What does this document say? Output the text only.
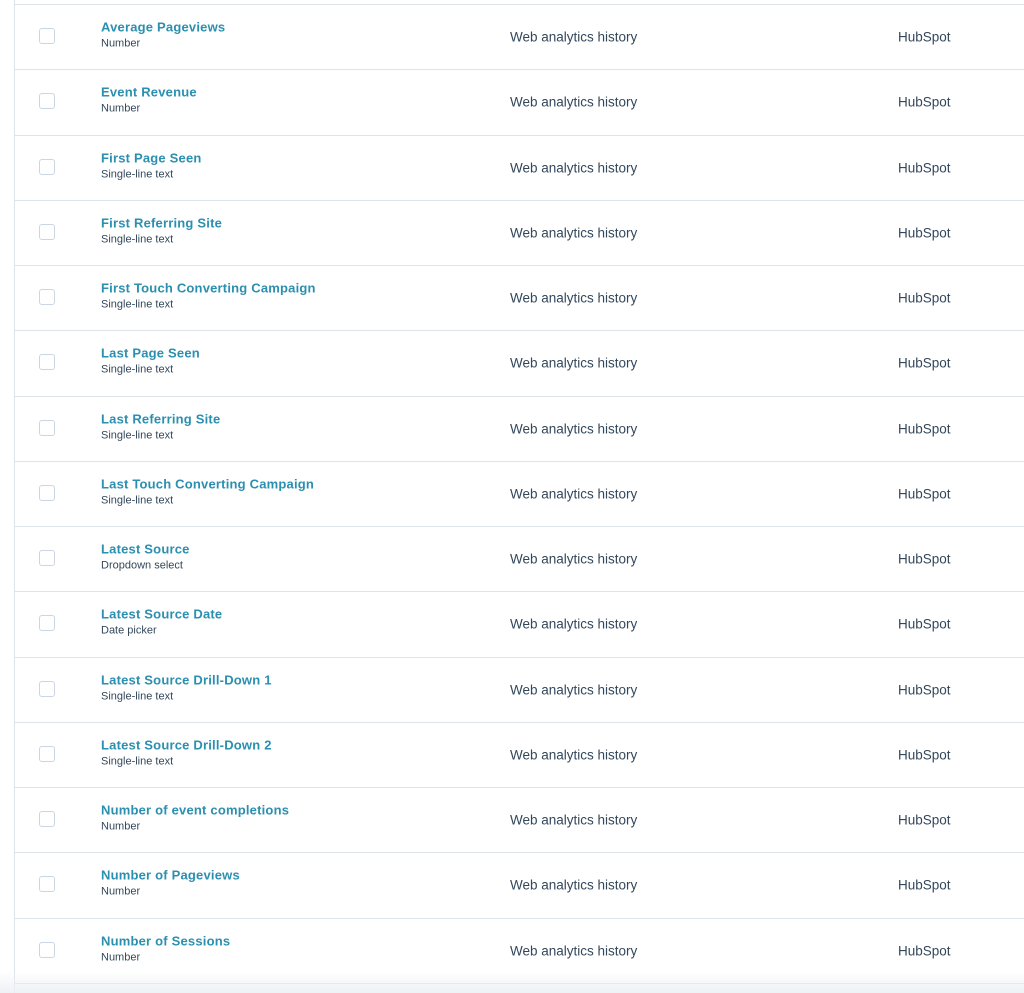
Average Pageviews
Number	Web analytics history	HubSpot
Event Revenue
Number	Web analytics history	HubSpot
First Page Seen
Single-line text	Web analytics history	HubSpot
First Referring Site
Single-line text	Web analytics history	HubSpot
First Touch Converting Campaign
Single-line text	Web analytics history	HubSpot
Last Page Seen
Single-line text	Web analytics history	HubSpot
Last Referring Site
Single-line text	Web analytics history	HubSpot
Last Touch Converting Campaign
Single-line text	Web analytics history	HubSpot
Latest Source
Dropdown select	Web analytics history	HubSpot
Latest Source Date
Date picker	Web analytics history	HubSpot
Latest Source Drill-Down 1
Single-line text	Web analytics history	HubSpot
Latest Source Drill-Down 2
Single-line text	Web analytics history	HubSpot
Number of event completions
Number	Web analytics history	HubSpot
Number of Pageviews
Number	Web analytics history	HubSpot
Number of Sessions
Number	Web analytics history	HubSpot
